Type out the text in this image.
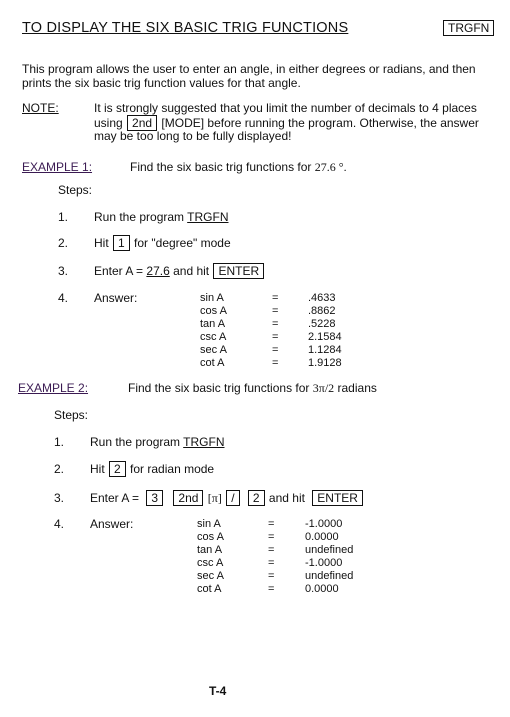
TO DISPLAY THE SIX BASIC TRIG FUNCTIONS	TRGFN
This program allows the user to enter an angle, in either degrees or radians, and then
prints the six basic trig function values for that angle.
NOTE:	It is strongly suggested that you limit the number of decimals to 4 places
using 2nd [MODE] before running the program. Otherwise, the answer
may be too long to be fully displayed!
EXAMPLE 1:	Find the six basic trig functions for 27.6 °.
Steps:
1. Run the program TRGFN
2. Hit 1 for "degree" mode
3. Enter A = 27.6 and hit ENTER
4. Answer:	sin A	=	.4633
cos A	=	.8862
tan A	=	.5228
csc A	=	2.1584
sec A	=	1.1284
cot A	=	1.9128
EXAMPLE 2:	Find the six basic trig functions for 3π/2 radians
Steps:
1. Run the program TRGFN
2. Hit 2 for radian mode
3. Enter A = 3 2nd [π] / 2 and hit ENTER
4. Answer:	sin A	=	-1.0000
cos A	=	0.0000
tan A	=	undefined
csc A	=	-1.0000
sec A	=	undefined
cot A	=	0.0000
T-4
